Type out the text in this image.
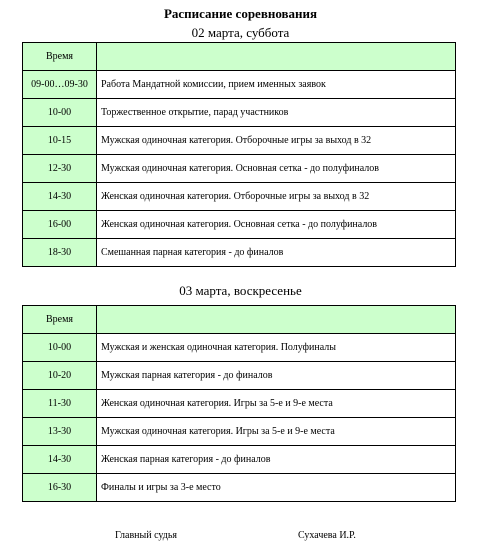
Расписание соревнования
02 марта, суббота
Время	
09-00…09-30	Работа Мандатной комиссии, прием именных заявок
10-00	Торжественное открытие, парад участников
10-15	Мужская одиночная категория. Отборочные игры за выход в 32
12-30	Мужская одиночная категория. Основная сетка - до полуфиналов
14-30	Женская одиночная категория. Отборочные игры за выход в 32
16-00	Женская одиночная категория. Основная сетка - до полуфиналов
18-30	Смешанная парная категория - до финалов
03 марта, воскресенье
Время	
10-00	Мужская и женская одиночная категория. Полуфиналы
10-20	Мужская парная категория - до финалов
11-30	Женская одиночная категория. Игры за 5-е и 9-е места
13-30	Мужская одиночная категория. Игры за 5-е и 9-е места
14-30	Женская парная категория - до финалов
16-30	Финалы и игры за 3-е место
Главный судья	Сухачева И.Р.
